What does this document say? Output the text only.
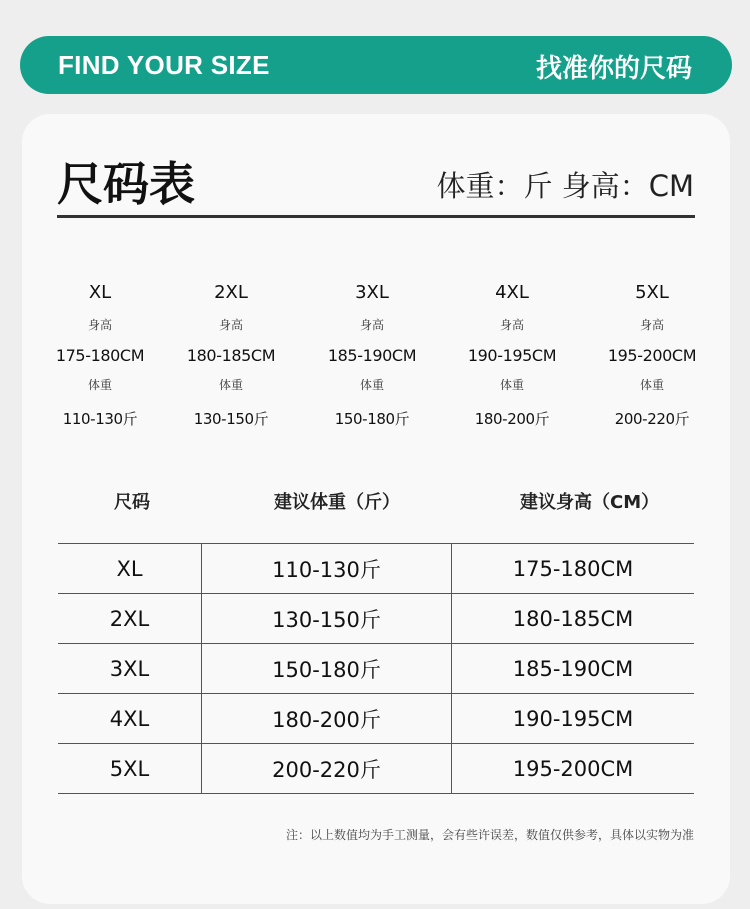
FIND YOUR SIZE	找准你的尺码
尺码表	体重：斤 身高：CM
XL
身高
175-180CM
体重
110-130斤
2XL
身高
180-185CM
体重
130-150斤
3XL
身高
185-190CM
体重
150-180斤
4XL
身高
190-195CM
体重
180-200斤
5XL
身高
195-200CM
体重
200-220斤
尺码	建议体重（斤）	建议身高（CM）
XL	110-130斤	175-180CM
2XL	130-150斤	180-185CM
3XL	150-180斤	185-190CM
4XL	180-200斤	190-195CM
5XL	200-220斤	195-200CM
注：以上数值均为手工测量，会有些许误差，数值仅供参考，具体以实物为准
